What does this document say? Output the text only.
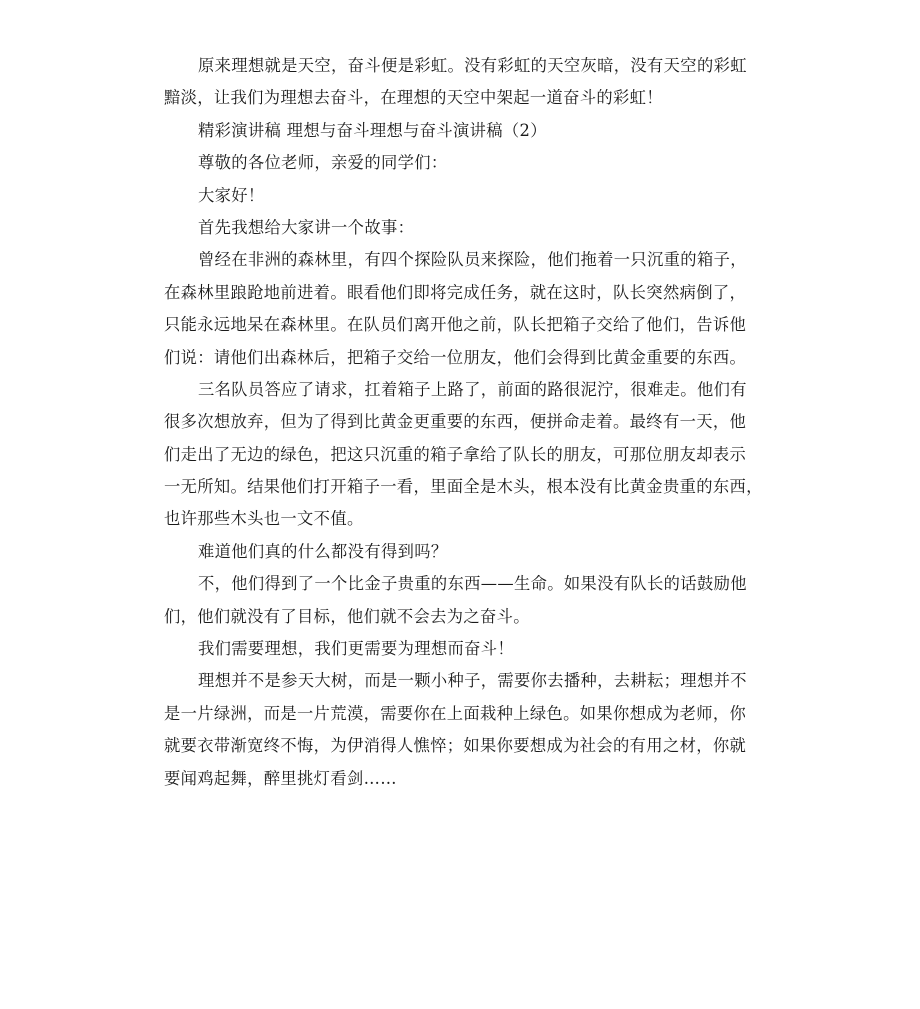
原来理想就是天空，奋斗便是彩虹。没有彩虹的天空灰暗，没有天空的彩虹
黯淡，让我们为理想去奋斗，在理想的天空中架起一道奋斗的彩虹！
精彩演讲稿 理想与奋斗理想与奋斗演讲稿（2）
尊敬的各位老师，亲爱的同学们：
大家好！
首先我想给大家讲一个故事：
曾经在非洲的森林里，有四个探险队员来探险，他们拖着一只沉重的箱子，
在森林里踉跄地前进着。眼看他们即将完成任务，就在这时，队长突然病倒了，
只能永远地呆在森林里。在队员们离开他之前，队长把箱子交给了他们，告诉他
们说：请他们出森林后，把箱子交给一位朋友，他们会得到比黄金重要的东西。
三名队员答应了请求，扛着箱子上路了，前面的路很泥泞，很难走。他们有
很多次想放弃，但为了得到比黄金更重要的东西，便拼命走着。最终有一天，他
们走出了无边的绿色，把这只沉重的箱子拿给了队长的朋友，可那位朋友却表示
一无所知。结果他们打开箱子一看，里面全是木头，根本没有比黄金贵重的东西，
也许那些木头也一文不值。
难道他们真的什么都没有得到吗？
不，他们得到了一个比金子贵重的东西——生命。如果没有队长的话鼓励他
们，他们就没有了目标，他们就不会去为之奋斗。
我们需要理想，我们更需要为理想而奋斗！
理想并不是参天大树，而是一颗小种子，需要你去播种，去耕耘；理想并不
是一片绿洲，而是一片荒漠，需要你在上面栽种上绿色。如果你想成为老师，你
就要衣带渐宽终不悔，为伊消得人憔悴；如果你要想成为社会的有用之材，你就
要闻鸡起舞，醉里挑灯看剑……
